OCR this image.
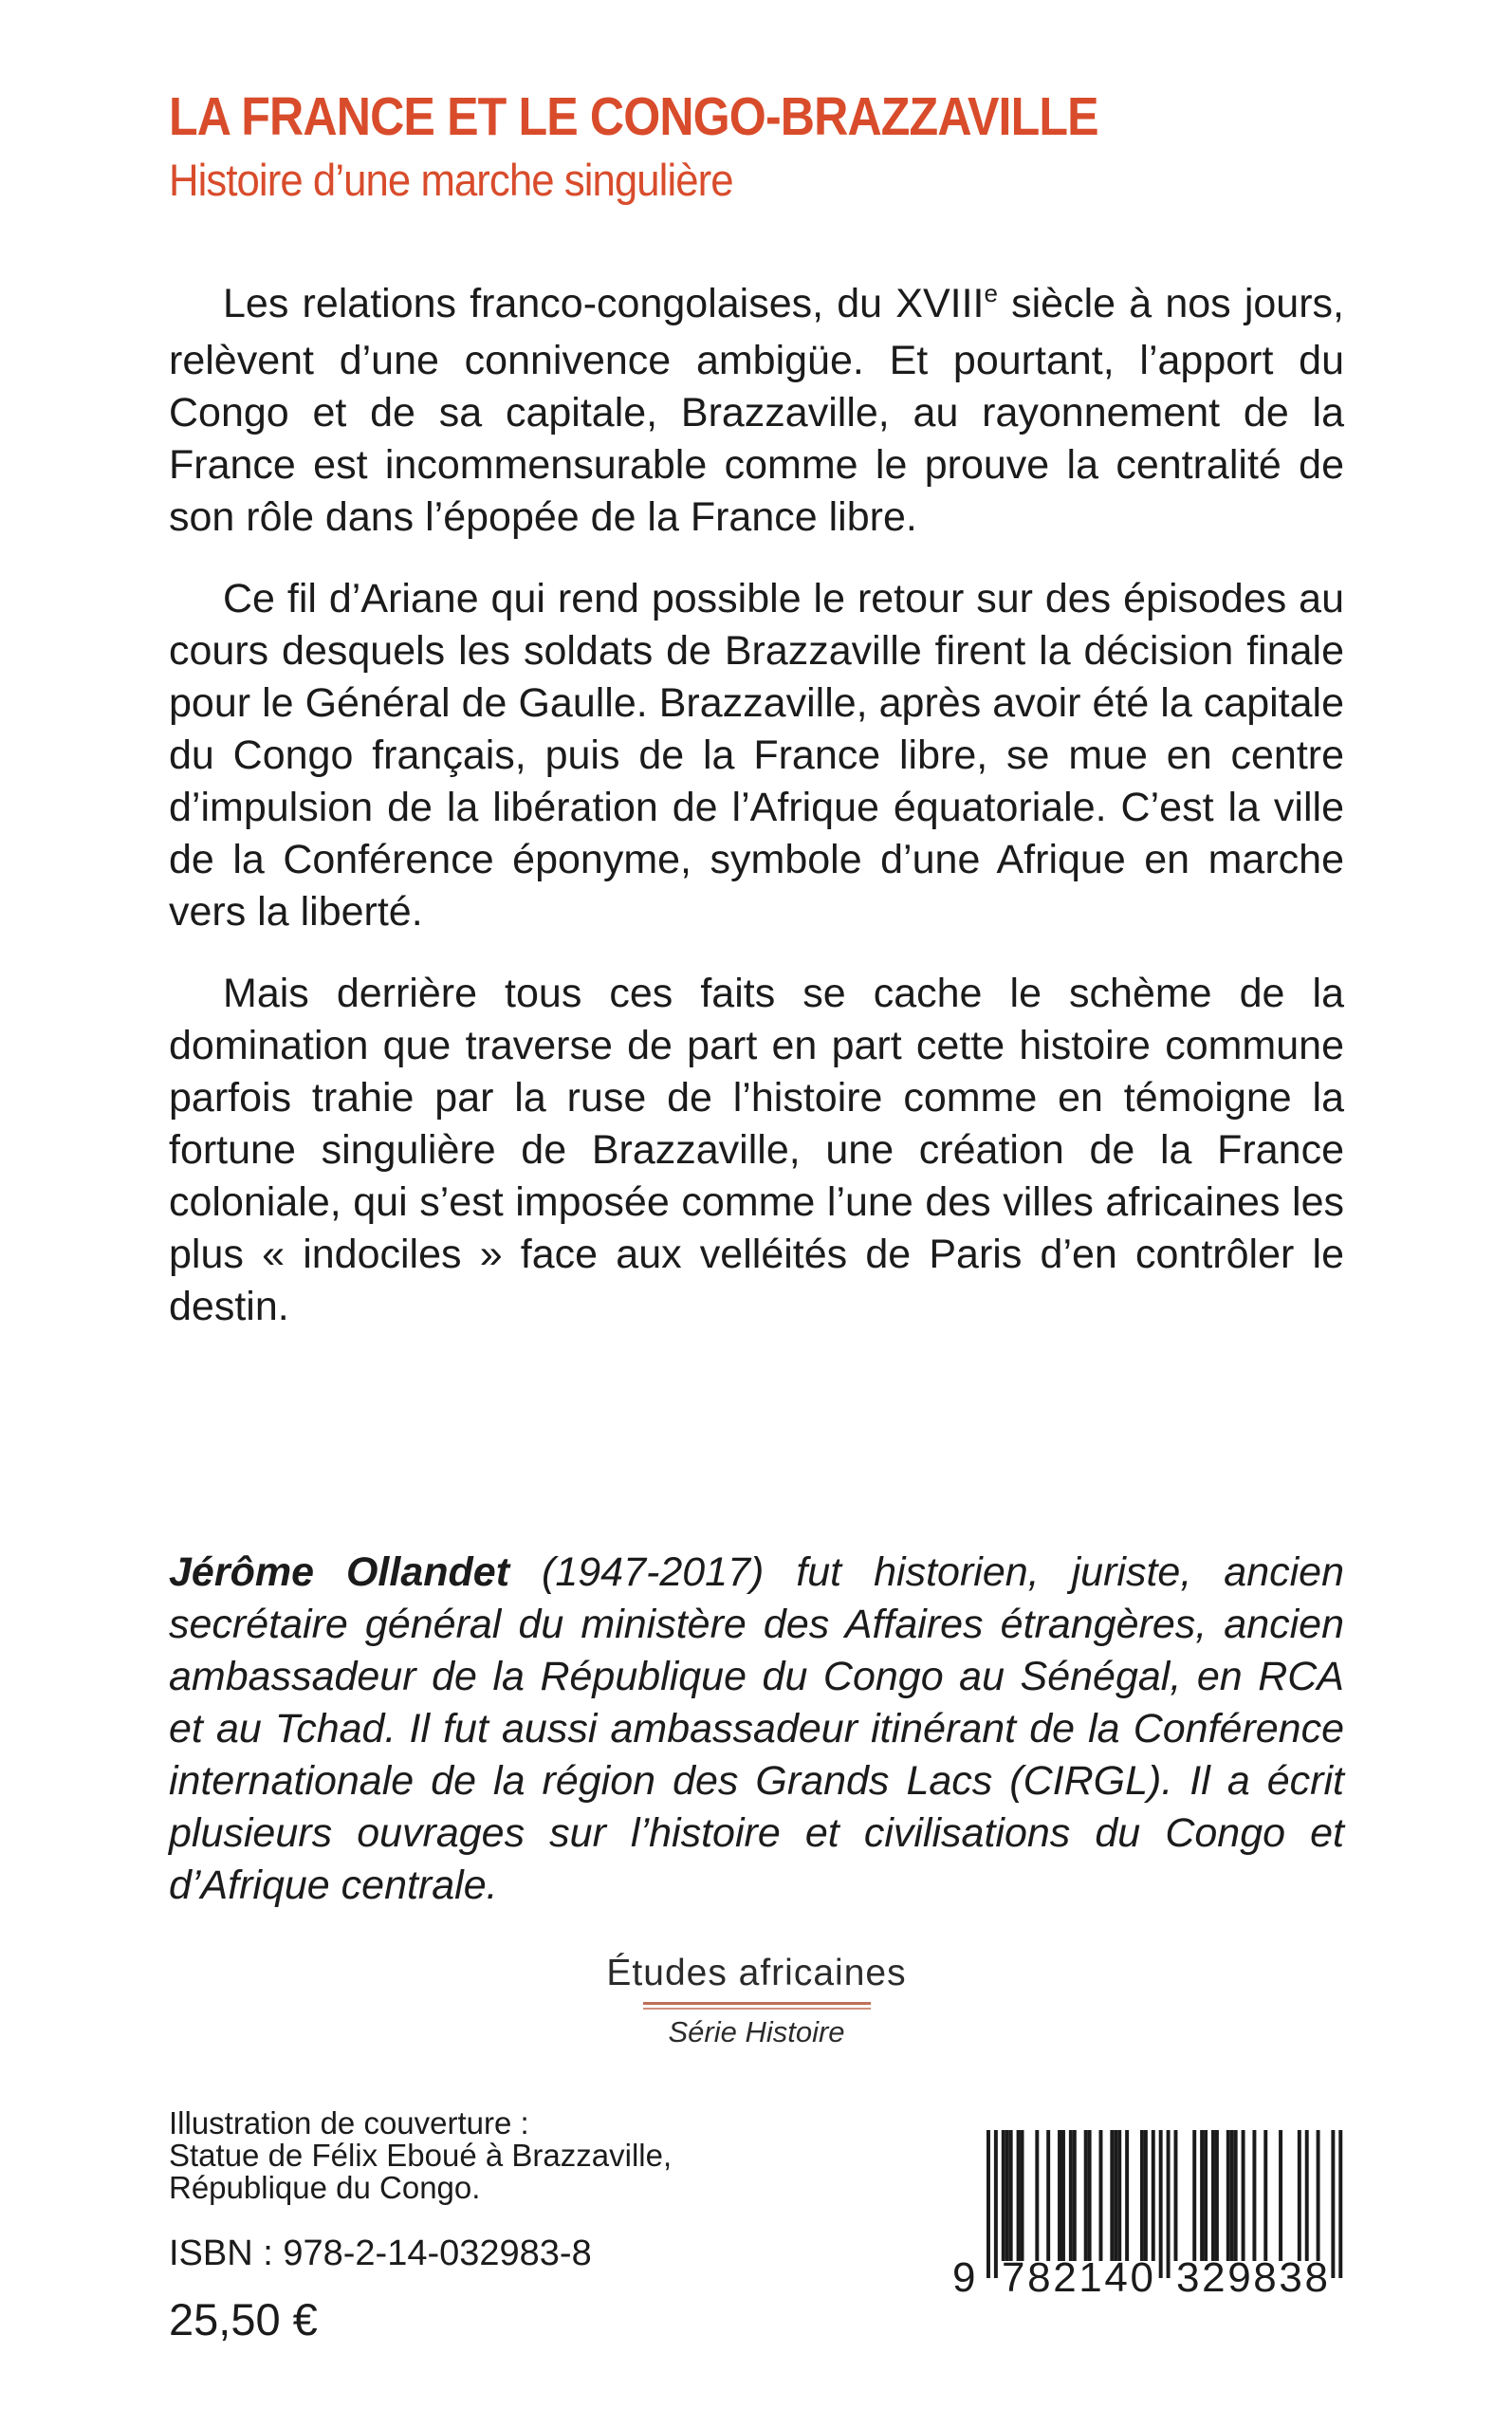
LA FRANCE ET LE CONGO-BRAZZAVILLE
Histoire d’une marche singulière

Les relations franco-congolaises, du XVIIIe siècle à nos jours, relèvent d’une connivence ambigüe. Et pourtant, l’apport du Congo et de sa capitale, Brazzaville, au rayonnement de la France est incommensurable comme le prouve la centralité de son rôle dans l’épopée de la France libre.

Ce fil d’Ariane qui rend possible le retour sur des épisodes au cours desquels les soldats de Brazzaville firent la décision finale pour le Général de Gaulle. Brazzaville, après avoir été la capitale du Congo français, puis de la France libre, se mue en centre d’impulsion de la libération de l’Afrique équatoriale. C’est la ville de la Conférence éponyme, symbole d’une Afrique en marche vers la liberté.

Mais derrière tous ces faits se cache le schème de la domination que traverse de part en part cette histoire commune parfois trahie par la ruse de l’histoire comme en témoigne la fortune singulière de Brazzaville, une création de la France coloniale, qui s’est imposée comme l’une des villes africaines les plus « indociles » face aux velléités de Paris d’en contrôler le destin.

Jérôme Ollandet (1947-2017) fut historien, juriste, ancien secrétaire général du ministère des Affaires étrangères, ancien ambassadeur de la République du Congo au Sénégal, en RCA et au Tchad. Il fut aussi ambassadeur itinérant de la Conférence internationale de la région des Grands Lacs (CIRGL). Il a écrit plusieurs ouvrages sur l’histoire et civilisations du Congo et d’Afrique centrale.

Études africaines
Série Histoire
Illustration de couverture :
Statue de Félix Eboué à Brazzaville,
République du Congo.
ISBN : 978-2-14-032983-8
25,50 €
9 782140 329838
